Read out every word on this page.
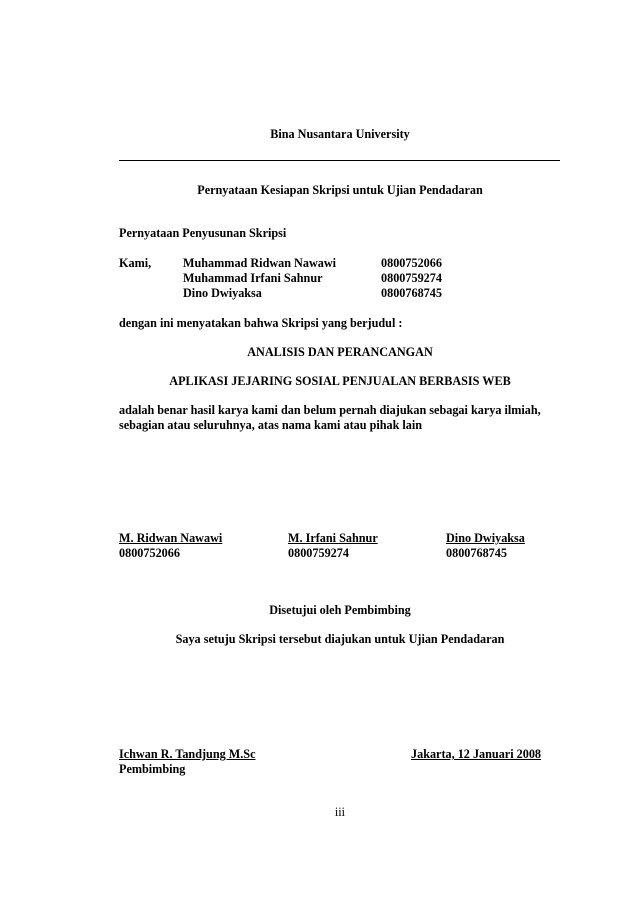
Bina Nusantara University
Pernyataan Kesiapan Skripsi untuk Ujian Pendadaran
Pernyataan Penyusunan Skripsi
Kami,	Muhammad Ridwan Nawawi	0800752066
Muhammad Irfani Sahnur	0800759274
Dino Dwiyaksa	0800768745
dengan ini menyatakan bahwa Skripsi yang berjudul :
ANALISIS DAN PERANCANGAN
APLIKASI JEJARING SOSIAL PENJUALAN BERBASIS WEB
adalah benar hasil karya kami dan belum pernah diajukan sebagai karya ilmiah,
sebagian atau seluruhnya, atas nama kami atau pihak lain
M. Ridwan Nawawi
0800752066
M. Irfani Sahnur
0800759274
Dino Dwiyaksa
0800768745
Disetujui oleh Pembimbing
Saya setuju Skripsi tersebut diajukan untuk Ujian Pendadaran
Ichwan R. Tandjung M.Sc
Pembimbing
Jakarta, 12 Januari 2008
iii
